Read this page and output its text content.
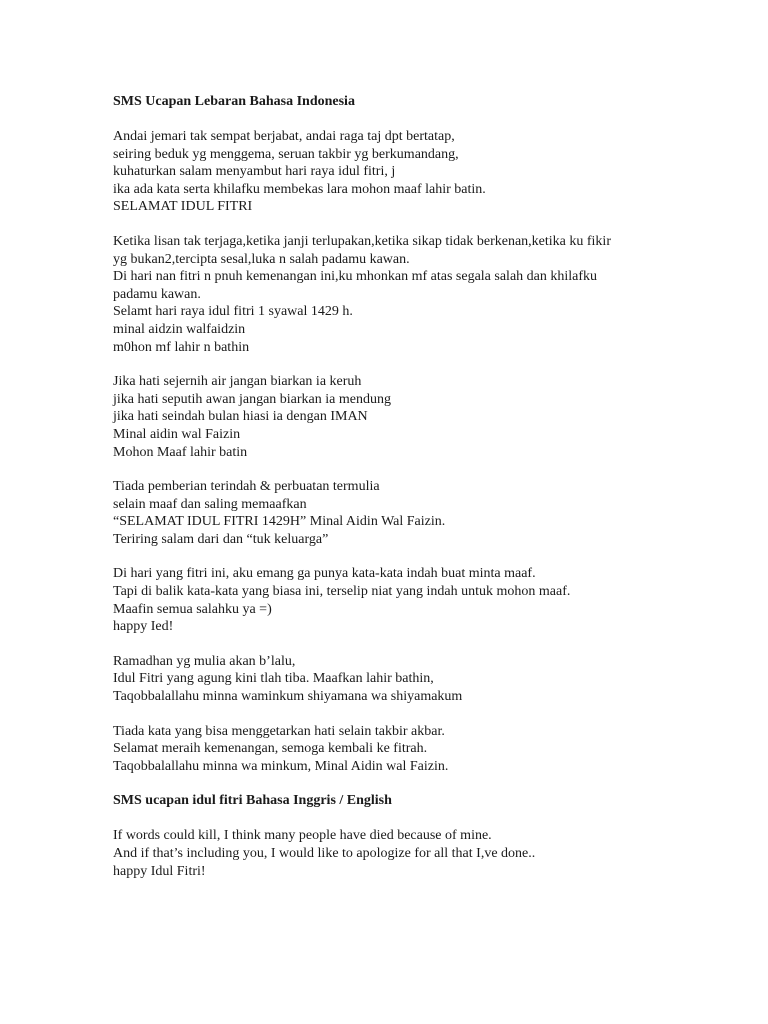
SMS Ucapan Lebaran Bahasa Indonesia

Andai jemari tak sempat berjabat, andai raga taj dpt bertatap,
seiring beduk yg menggema, seruan takbir yg berkumandang,
kuhaturkan salam menyambut hari raya idul fitri, j
ika ada kata serta khilafku membekas lara mohon maaf lahir batin.
SELAMAT IDUL FITRI
Ketika lisan tak terjaga,ketika janji terlupakan,ketika sikap tidak berkenan,ketika ku fikir
yg bukan2,tercipta sesal,luka n salah padamu kawan.
Di hari nan fitri n pnuh kemenangan ini,ku mhonkan mf atas segala salah dan khilafku
padamu kawan.
Selamt hari raya idul fitri 1 syawal 1429 h.
minal aidzin walfaidzin
m0hon mf lahir n bathin
Jika hati sejernih air jangan biarkan ia keruh
jika hati seputih awan jangan biarkan ia mendung
jika hati seindah bulan hiasi ia dengan IMAN
Minal aidin wal Faizin
Mohon Maaf lahir batin
Tiada pemberian terindah & perbuatan termulia
selain maaf dan saling memaafkan
“SELAMAT IDUL FITRI 1429H” Minal Aidin Wal Faizin.
Teriring salam dari dan “tuk keluarga”
Di hari yang fitri ini, aku emang ga punya kata-kata indah buat minta maaf.
Tapi di balik kata-kata yang biasa ini, terselip niat yang indah untuk mohon maaf.
Maafin semua salahku ya =)
happy Ied!
Ramadhan yg mulia akan b’lalu,
Idul Fitri yang agung kini tlah tiba. Maafkan lahir bathin,
Taqobbalallahu minna waminkum shiyamana wa shiyamakum
Tiada kata yang bisa menggetarkan hati selain takbir akbar.
Selamat meraih kemenangan, semoga kembali ke fitrah.
Taqobbalallahu minna wa minkum, Minal Aidin wal Faizin.

SMS ucapan idul fitri Bahasa Inggris / English

If words could kill, I think many people have died because of mine.
And if that’s including you, I would like to apologize for all that I,ve done..
happy Idul Fitri!
